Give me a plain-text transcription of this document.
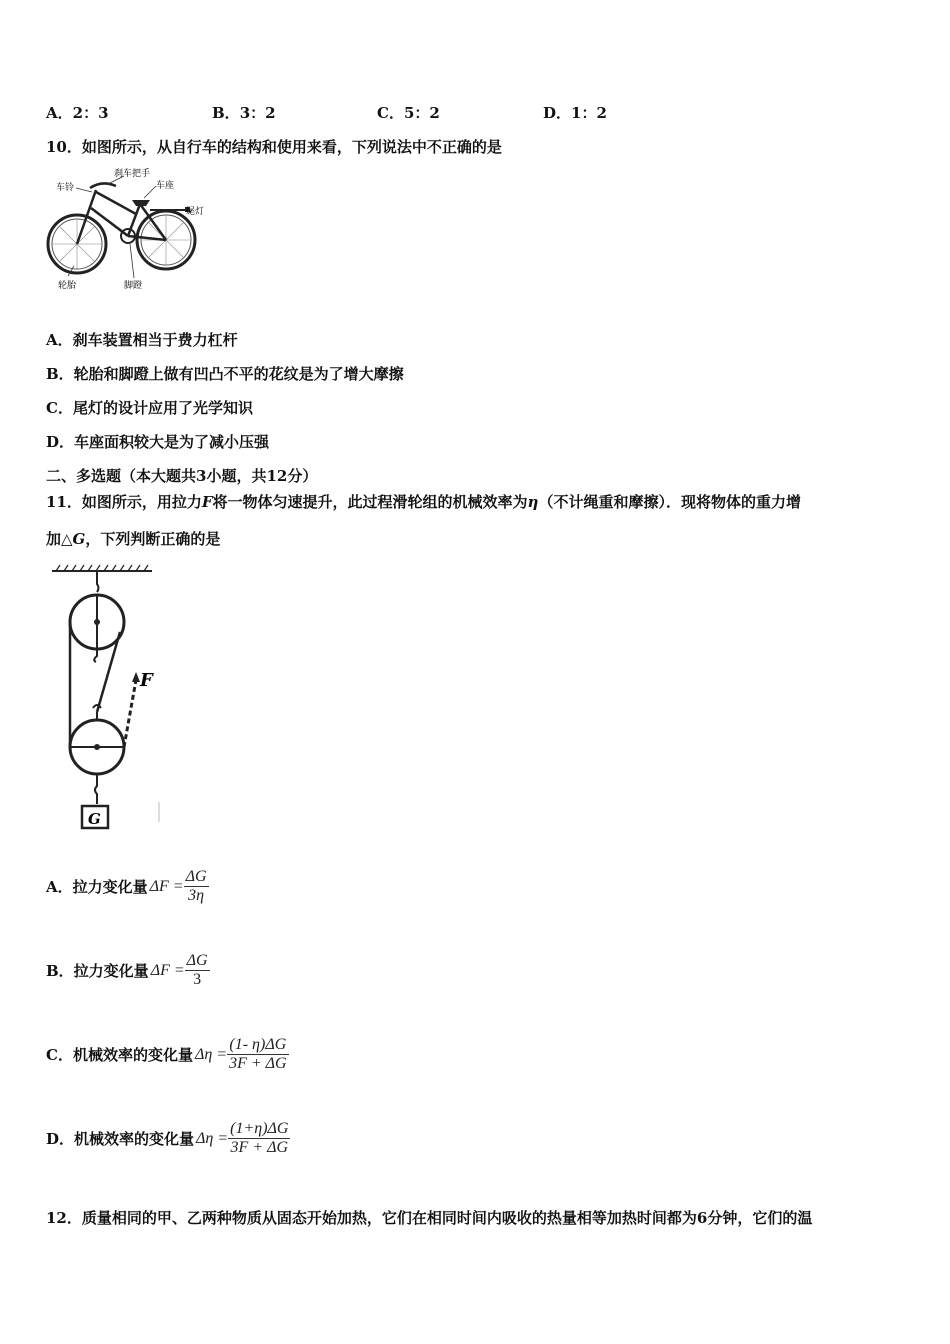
A．2：3	B．3：2	C．5：2	D．1：2
10．如图所示，从自行车的结构和使用来看，下列说法中不正确的是
车铃
刹车把手
车座
尾灯
轮胎	脚蹬
A．刹车装置相当于费力杠杆
B．轮胎和脚蹬上做有凹凸不平的花纹是为了增大摩擦
C．尾灯的设计应用了光学知识
D．车座面积较大是为了减小压强
二、多选题（本大题共3小题，共12分）
11．如图所示，用拉力F将一物体匀速提升，此过程滑轮组的机械效率为η（不计绳重和摩擦）．现将物体的重力增
加△G，下列判断正确的是
F
G
A．拉力变化量 $\Delta F = \frac{\Delta G}{3\eta}$
B．拉力变化量 $\Delta F = \frac{\Delta G}{3}$
C．机械效率的变化量 $\Delta\eta = \frac{(1- \eta)\Delta G}{3F + \Delta G}$
D．机械效率的变化量 $\Delta\eta = \frac{(1+\eta)\Delta G}{3F + \Delta G}$
12．质量相同的甲、乙两种物质从固态开始加热，它们在相同时间内吸收的热量相等加热时间都为6分钟，它们的温
